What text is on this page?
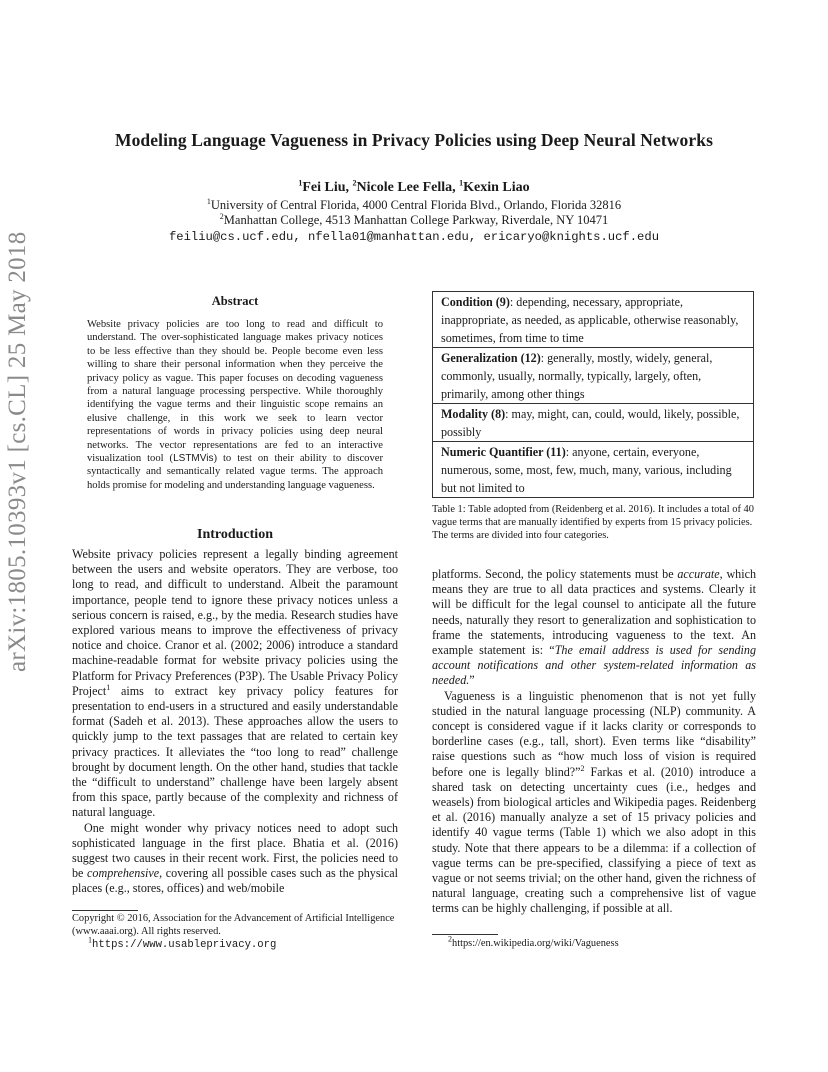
Modeling Language Vagueness in Privacy Policies using Deep Neural Networks
$^1$Fei Liu, $^2$Nicole Lee Fella, $^1$Kexin Liao
$^1$University of Central Florida, 4000 Central Florida Blvd., Orlando, Florida 32816
$^2$Manhattan College, 4513 Manhattan College Parkway, Riverdale, NY 10471
feiliu@cs.ucf.edu, nfella01@manhattan.edu, ericaryo@knights.ucf.edu
arXiv:1805.10393v1 [cs.CL] 25 May 2018	Abstract
Website privacy policies are too long to read and difficult to understand. The over-sophisticated language makes privacy notices to be less effective than they should be. People become even less willing to share their personal information when they perceive the privacy policy as vague. This paper focuses on decoding vagueness from a natural language processing perspective. While thoroughly identifying the vague terms and their linguistic scope remains an elusive challenge, in this work we seek to learn vector representations of words in privacy policies using deep neural networks. The vector representations are fed to an interactive visualization tool (LSTMVis) to test on their ability to discover syntactically and semantically related vague terms. The approach holds promise for modeling and understanding language vagueness.
Introduction

Website privacy policies represent a legally binding agreement between the users and website operators. They are verbose, too long to read, and difficult to understand. Albeit the paramount importance, people tend to ignore these privacy notices unless a serious concern is raised, e.g., by the media. Research studies have explored various means to improve the effectiveness of privacy notice and choice. Cranor et al. (2002; 2006) introduce a standard machine-readable format for website privacy policies using the Platform for Privacy Preferences (P3P). The Usable Privacy Policy Project$^1$ aims to extract key privacy policy features for presentation to end-users in a structured and easily understandable format (Sadeh et al. 2013). These approaches allow the users to quickly jump to the text passages that are related to certain key privacy practices. It alleviates the “too long to read” challenge brought by document length. On the other hand, studies that tackle the “difficult to understand” challenge have been largely absent from this space, partly because of the complexity and richness of natural language.

One might wonder why privacy notices need to adopt such sophisticated language in the first place. Bhatia et al. (2016) suggest two causes in their recent work. First, the policies need to be comprehensive, covering all possible cases such as the physical places (e.g., stores, offices) and web/mobile

Copyright © 2016, Association for the Advancement of Artificial Intelligence (www.aaai.org). All rights reserved.
$^1$https://www.usableprivacy.org
Condition (9): depending, necessary, appropriate, inappropriate, as needed, as applicable, otherwise reasonably, sometimes, from time to time
Generalization (12): generally, mostly, widely, general, commonly, usually, normally, typically, largely, often, primarily, among other things
Modality (8): may, might, can, could, would, likely, possible, possibly
Numeric Quantifier (11): anyone, certain, everyone, numerous, some, most, few, much, many, various, including but not limited to
Table 1: Table adopted from (Reidenberg et al. 2016). It includes a total of 40 vague terms that are manually identified by experts from 15 privacy policies. The terms are divided into four categories.

platforms. Second, the policy statements must be accurate, which means they are true to all data practices and systems. Clearly it will be difficult for the legal counsel to anticipate all the future needs, naturally they resort to generalization and sophistication to frame the statements, introducing vagueness to the text. An example statement is: “The email address is used for sending account notifications and other system-related information as needed.”

Vagueness is a linguistic phenomenon that is not yet fully studied in the natural language processing (NLP) community. A concept is considered vague if it lacks clarity or corresponds to borderline cases (e.g., tall, short). Even terms like “disability” raise questions such as “how much loss of vision is required before one is legally blind?”$^2$ Farkas et al. (2010) introduce a shared task on detecting uncertainty cues (i.e., hedges and weasels) from biological articles and Wikipedia pages. Reidenberg et al. (2016) manually analyze a set of 15 privacy policies and identify 40 vague terms (Table 1) which we also adopt in this study. Note that there appears to be a dilemma: if a collection of vague terms can be pre-specified, classifying a piece of text as vague or not seems trivial; on the other hand, given the richness of natural language, creating such a comprehensive list of vague terms can be highly challenging, if possible at all.

$^2$https://en.wikipedia.org/wiki/Vagueness
